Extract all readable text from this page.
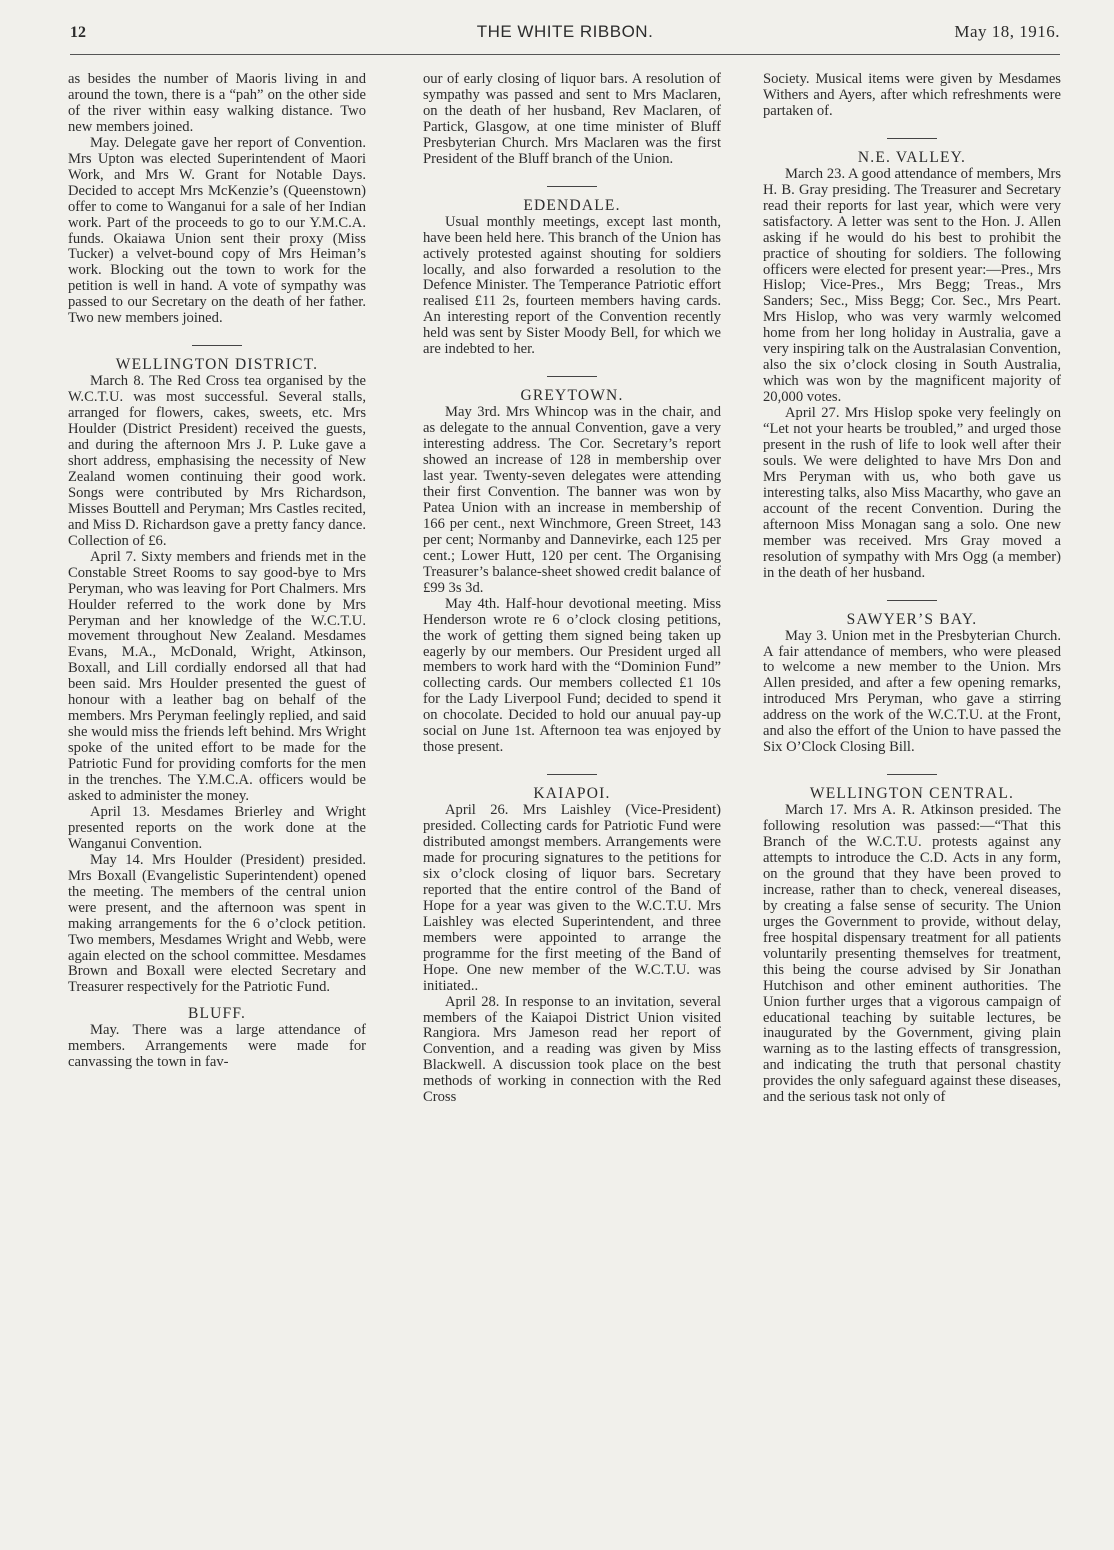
12	THE WHITE RIBBON.	May 18, 1916.

as besides the number of Maoris living in and around the town, there is a “pah” on the other side of the river within easy walking distance. Two new members joined.

May. Delegate gave her report of Convention. Mrs Upton was elected Superintendent of Maori Work, and Mrs W. Grant for Notable Days. Decided to accept Mrs McKenzie’s (Queenstown) offer to come to Wanganui for a sale of her Indian work. Part of the proceeds to go to our Y.M.C.A. funds. Okaiawa Union sent their proxy (Miss Tucker) a velvet-bound copy of Mrs Heiman’s work. Blocking out the town to work for the petition is well in hand. A vote of sympathy was passed to our Secretary on the death of her father. Two new members joined.

WELLINGTON DISTRICT.

March 8. The Red Cross tea organised by the W.C.T.U. was most successful. Several stalls, arranged for flowers, cakes, sweets, etc. Mrs Houlder (District President) received the guests, and during the afternoon Mrs J. P. Luke gave a short address, emphasising the necessity of New Zealand women continuing their good work. Songs were contributed by Mrs Richardson, Misses Bouttell and Peryman; Mrs Castles recited, and Miss D. Richardson gave a pretty fancy dance. Collection of £6.

April 7. Sixty members and friends met in the Constable Street Rooms to say good-bye to Mrs Peryman, who was leaving for Port Chalmers. Mrs Houlder referred to the work done by Mrs Peryman and her knowledge of the W.C.T.U. movement throughout New Zealand. Mesdames Evans, M.A., McDonald, Wright, Atkinson, Boxall, and Lill cordially endorsed all that had been said. Mrs Houlder presented the guest of honour with a leather bag on behalf of the members. Mrs Peryman feelingly replied, and said she would miss the friends left behind. Mrs Wright spoke of the united effort to be made for the Patriotic Fund for providing comforts for the men in the trenches. The Y.M.C.A. officers would be asked to administer the money.

April 13. Mesdames Brierley and Wright presented reports on the work done at the Wanganui Convention.

May 14. Mrs Houlder (President) presided. Mrs Boxall (Evangelistic Superintendent) opened the meeting. The members of the central union were present, and the afternoon was spent in making arrangements for the 6 o’clock petition. Two members, Mesdames Wright and Webb, were again elected on the school committee. Mesdames Brown and Boxall were elected Secretary and Treasurer respectively for the Patriotic Fund.

BLUFF.

May. There was a large attendance of members. Arrangements were made for canvassing the town in fav-

our of early closing of liquor bars. A resolution of sympathy was passed and sent to Mrs Maclaren, on the death of her husband, Rev Maclaren, of Partick, Glasgow, at one time minister of Bluff Presbyterian Church. Mrs Maclaren was the first President of the Bluff branch of the Union.

EDENDALE.

Usual monthly meetings, except last month, have been held here. This branch of the Union has actively protested against shouting for soldiers locally, and also forwarded a resolution to the Defence Minister. The Temperance Patriotic effort realised £11 2s, fourteen members having cards. An interesting report of the Convention recently held was sent by Sister Moody Bell, for which we are indebted to her.

GREYTOWN.

May 3rd. Mrs Whincop was in the chair, and as delegate to the annual Convention, gave a very interesting address. The Cor. Secretary’s report showed an increase of 128 in membership over last year. Twenty-seven delegates were attending their first Convention. The banner was won by Patea Union with an increase in membership of 166 per cent., next Winchmore, Green Street, 143 per cent; Normanby and Dannevirke, each 125 per cent.; Lower Hutt, 120 per cent. The Organising Treasurer’s balance-sheet showed credit balance of £99 3s 3d.

May 4th. Half-hour devotional meeting. Miss Henderson wrote re 6 o’clock closing petitions, the work of getting them signed being taken up eagerly by our members. Our President urged all members to work hard with the “Dominion Fund” collecting cards. Our members collected £1 10s for the Lady Liverpool Fund; decided to spend it on chocolate. Decided to hold our anuual pay-up social on June 1st. Afternoon tea was enjoyed by those present.

KAIAPOI.

April 26. Mrs Laishley (Vice-President) presided. Collecting cards for Patriotic Fund were distributed amongst members. Arrangements were made for procuring signatures to the petitions for six o’clock closing of liquor bars. Secretary reported that the entire control of the Band of Hope for a year was given to the W.C.T.U. Mrs Laishley was elected Superintendent, and three members were appointed to arrange the programme for the first meeting of the Band of Hope. One new member of the W.C.T.U. was initiated..

April 28. In response to an invitation, several members of the Kaiapoi District Union visited Rangiora. Mrs Jameson read her report of Convention, and a reading was given by Miss Blackwell. A discussion took place on the best methods of working in connection with the Red Cross

Society. Musical items were given by Mesdames Withers and Ayers, after which refreshments were partaken of.

N.E. VALLEY.

March 23. A good attendance of members, Mrs H. B. Gray presiding. The Treasurer and Secretary read their reports for last year, which were very satisfactory. A letter was sent to the Hon. J. Allen asking if he would do his best to prohibit the practice of shouting for soldiers. The following officers were elected for present year:—Pres., Mrs Hislop; Vice-Pres., Mrs Begg; Treas., Mrs Sanders; Sec., Miss Begg; Cor. Sec., Mrs Peart. Mrs Hislop, who was very warmly welcomed home from her long holiday in Australia, gave a very inspiring talk on the Australasian Convention, also the six o’clock closing in South Australia, which was won by the magnificent majority of 20,000 votes.

April 27. Mrs Hislop spoke very feelingly on “Let not your hearts be troubled,” and urged those present in the rush of life to look well after their souls. We were delighted to have Mrs Don and Mrs Peryman with us, who both gave us interesting talks, also Miss Macarthy, who gave an account of the recent Convention. During the afternoon Miss Monagan sang a solo. One new member was received. Mrs Gray moved a resolution of sympathy with Mrs Ogg (a member) in the death of her husband.

SAWYER’S BAY.

May 3. Union met in the Presbyterian Church. A fair attendance of members, who were pleased to welcome a new member to the Union. Mrs Allen presided, and after a few opening remarks, introduced Mrs Peryman, who gave a stirring address on the work of the W.C.T.U. at the Front, and also the effort of the Union to have passed the Six O’Clock Closing Bill.

WELLINGTON CENTRAL.

March 17. Mrs A. R. Atkinson presided. The following resolution was passed:—“That this Branch of the W.C.T.U. protests against any attempts to introduce the C.D. Acts in any form, on the ground that they have been proved to increase, rather than to check, venereal diseases, by creating a false sense of security. The Union urges the Government to provide, without delay, free hospital dispensary treatment for all patients voluntarily presenting themselves for treatment, this being the course advised by Sir Jonathan Hutchison and other eminent authorities. The Union further urges that a vigorous campaign of educational teaching by suitable lectures, be inaugurated by the Government, giving plain warning as to the lasting effects of transgression, and indicating the truth that personal chastity provides the only safeguard against these diseases, and the serious task not only of
